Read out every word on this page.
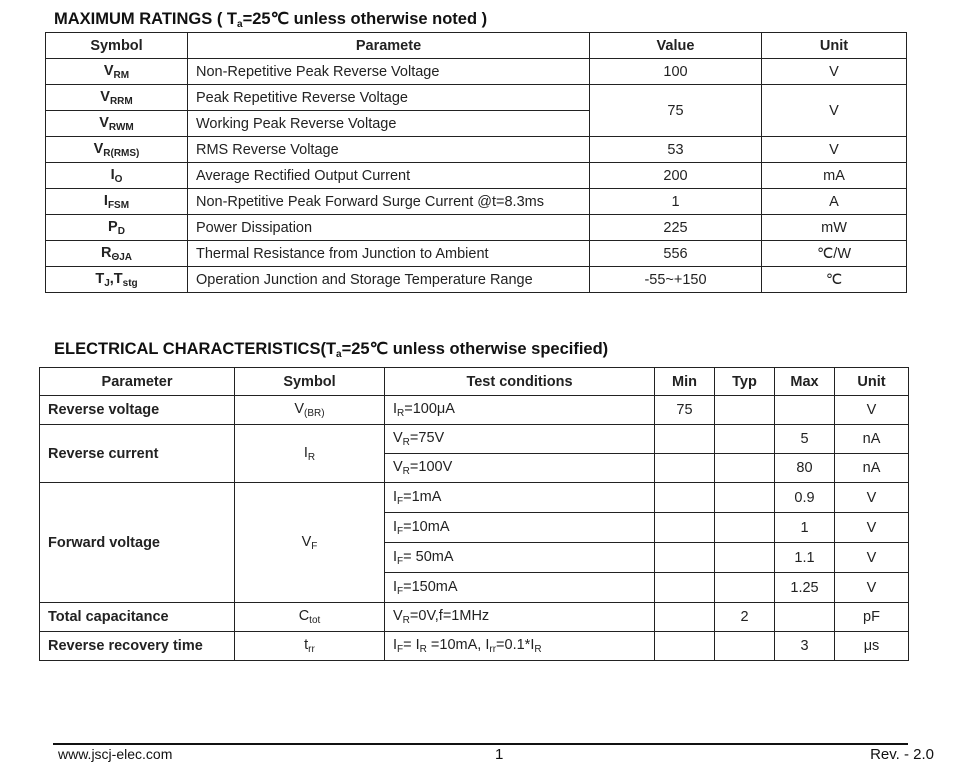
MAXIMUM RATINGS ( $T_a=25℃$ unless otherwise noted )
Symbol	Paramete	Value	Unit
$V_{RM}$	Non-Repetitive Peak Reverse Voltage	100	V
$V_{RRM}$	Peak Repetitive Reverse Voltage	75	V
$V_{RWM}$	Working Peak Reverse Voltage		
$V_{R(RMS)}$	RMS Reverse Voltage	53	V
$I_O$	Average Rectified Output Current	200	mA
$I_{FSM}$	Non-Rpetitive Peak Forward Surge Current @t=8.3ms	1	A
$P_D$	Power Dissipation	225	mW
$R_{\Theta JA}$	Thermal Resistance from Junction to Ambient	556	℃/W
$T_J,T_{stg}$	Operation Junction and Storage Temperature Range	-55~+150	℃
ELECTRICAL $CHARACTERISTICS(T_a=25℃$ unless otherwise specified)
Parameter	Symbol	Test conditions	Min	Typ	Max	Unit
Reverse voltage	$V_{(BR)}$	$I_R=100\mu A$	75			V
Reverse current	$I_R$	$V_R=75V$			5	nA
		$V_R=100V$			80	nA
Forward voltage	$V_F$	$I_F=1mA$			0.9	V
		$I_F=10mA$			1	V
		$I_F= 50mA$			1.1	V
		$I_F=150mA$			1.25	V
Total capacitance	$C_{tot}$	$V_R=0V,f=1MHz$		2		pF
Reverse recovery time	$t_{rr}$	$I_F= I_R =10mA$, $I_{rr}=0.1*I_R$			3	μs
www.jscj-elec.com	1	Rev. - 2.0
